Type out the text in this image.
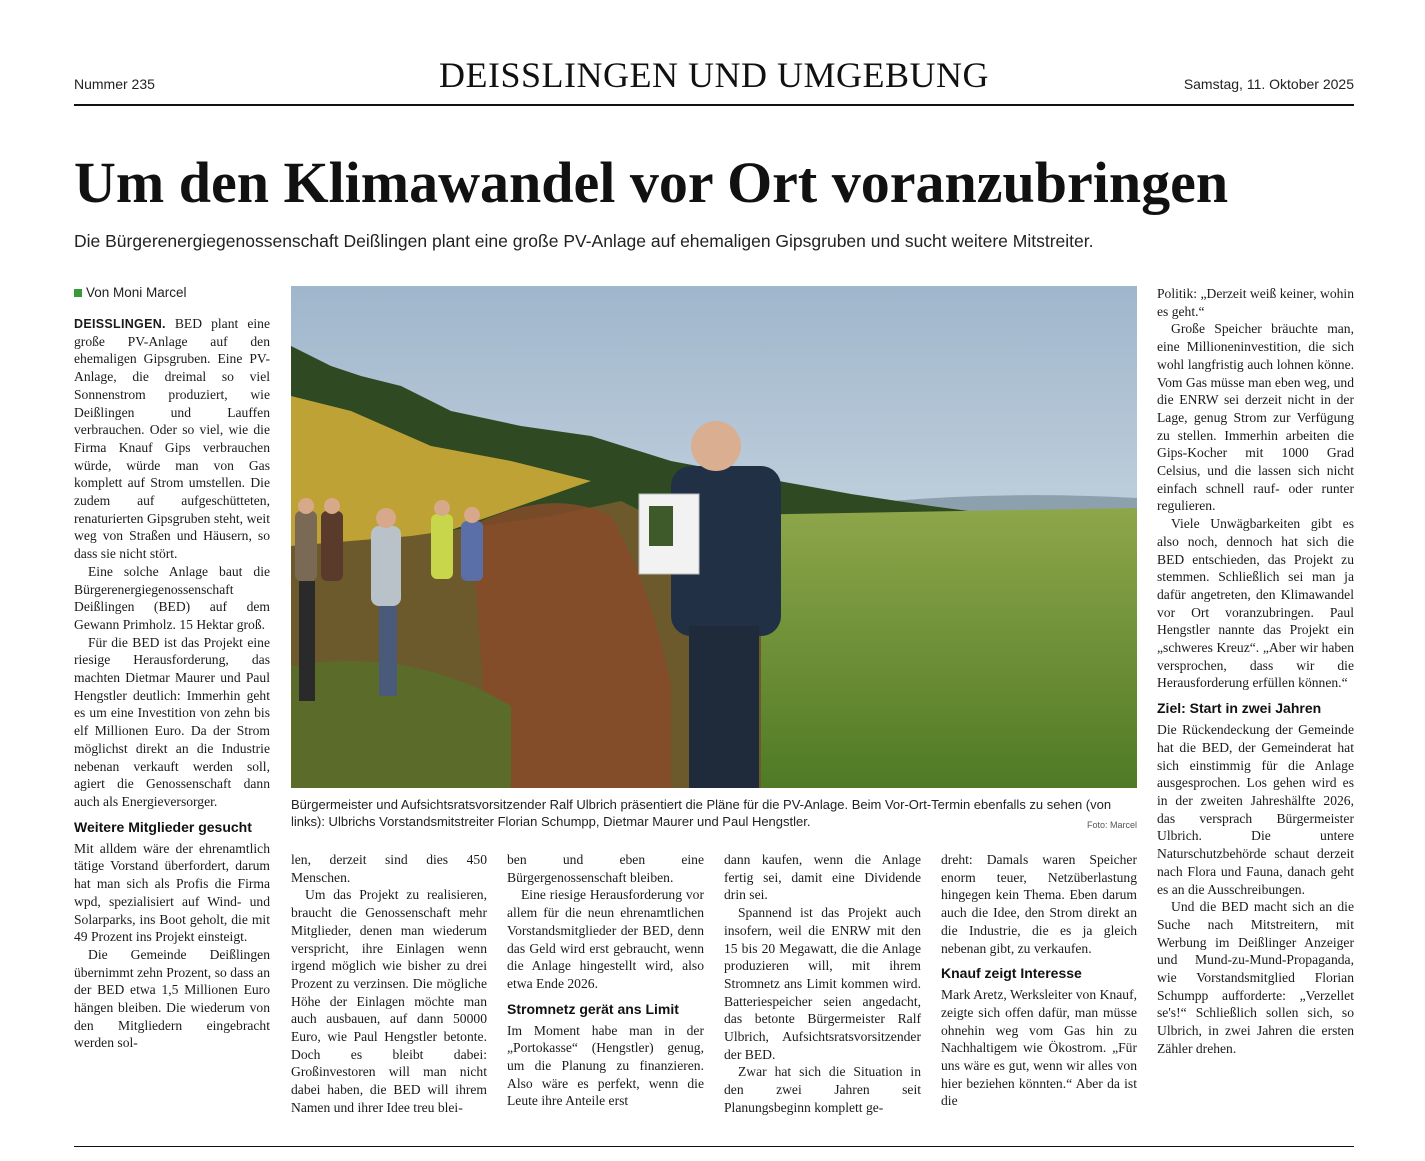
Nummer 235	DEISSLINGEN UND UMGEBUNG	Samstag, 11. Oktober 2025
Um den Klimawandel vor Ort voranzubringen
Die Bürgerenergiegenossenschaft Deißlingen plant eine große PV-Anlage auf ehemaligen Gipsgruben und sucht weitere Mitstreiter.
Von Moni Marcel

DEISSLINGEN. BED plant eine große PV-Anlage auf den ehemaligen Gipsgruben. Eine PV-Anlage, die dreimal so viel Sonnenstrom produziert, wie Deißlingen und Lauffen verbrauchen. Oder so viel, wie die Firma Knauf Gips verbrauchen würde, würde man von Gas komplett auf Strom umstellen. Die zudem auf aufgeschütteten, renaturierten Gipsgruben steht, weit weg von Straßen und Häusern, so dass sie nicht stört.

Eine solche Anlage baut die Bürgerenergiegenossenschaft Deißlingen (BED) auf dem Gewann Primholz. 15 Hektar groß.

Für die BED ist das Projekt eine riesige Herausforderung, das machten Dietmar Maurer und Paul Hengstler deutlich: Immerhin geht es um eine Investition von zehn bis elf Millionen Euro. Da der Strom möglichst direkt an die Industrie nebenan verkauft werden soll, agiert die Genossenschaft dann auch als Energieversorger.

Weitere Mitglieder gesucht

Mit alldem wäre der ehrenamtlich tätige Vorstand überfordert, darum hat man sich als Profis die Firma wpd, spezialisiert auf Wind- und Solarparks, ins Boot geholt, die mit 49 Prozent ins Projekt einsteigt.

Die Gemeinde Deißlingen übernimmt zehn Prozent, so dass an der BED etwa 1,5 Millionen Euro hängen bleiben. Die wiederum von den Mitgliedern eingebracht werden sol-

Bürgermeister und Aufsichtsratsvorsitzender Ralf Ulbrich präsentiert die Pläne für die PV-Anlage. Beim Vor-Ort-Termin ebenfalls zu sehen (von links): Ulbrichs Vorstandsmitstreiter Florian Schumpp, Dietmar Maurer und Paul Hengstler.	Foto: Marcel

len, derzeit sind dies 450 Menschen.

Um das Projekt zu realisieren, braucht die Genossenschaft mehr Mitglieder, denen man wiederum verspricht, ihre Einlagen wenn irgend möglich wie bisher zu drei Prozent zu verzinsen. Die mögliche Höhe der Einlagen möchte man auch ausbauen, auf dann 50000 Euro, wie Paul Hengstler betonte. Doch es bleibt dabei: Großinvestoren will man nicht dabei haben, die BED will ihrem Namen und ihrer Idee treu blei-

ben und eben eine Bürgergenossenschaft bleiben.

Eine riesige Herausforderung vor allem für die neun ehrenamtlichen Vorstandsmitglieder der BED, denn das Geld wird erst gebraucht, wenn die Anlage hingestellt wird, also etwa Ende 2026.

Stromnetz gerät ans Limit

Im Moment habe man in der „Portokasse“ (Hengstler) genug, um die Planung zu finanzieren. Also wäre es perfekt, wenn die Leute ihre Anteile erst

dann kaufen, wenn die Anlage fertig sei, damit eine Dividende drin sei.

Spannend ist das Projekt auch insofern, weil die ENRW mit den 15 bis 20 Megawatt, die die Anlage produzieren will, mit ihrem Stromnetz ans Limit kommen wird. Batteriespeicher seien angedacht, das betonte Bürgermeister Ralf Ulbrich, Aufsichtsratsvorsitzender der BED.

Zwar hat sich die Situation in den zwei Jahren seit Planungsbeginn komplett ge-

dreht: Damals waren Speicher enorm teuer, Netzüberlastung hingegen kein Thema. Eben darum auch die Idee, den Strom direkt an die Industrie, die es ja gleich nebenan gibt, zu verkaufen.

Knauf zeigt Interesse

Mark Aretz, Werksleiter von Knauf, zeigte sich offen dafür, man müsse ohnehin weg vom Gas hin zu Nachhaltigem wie Ökostrom. „Für uns wäre es gut, wenn wir alles von hier beziehen könnten.“ Aber da ist die

Politik: „Derzeit weiß keiner, wohin es geht.“

Große Speicher bräuchte man, eine Millioneninvestition, die sich wohl langfristig auch lohnen könne. Vom Gas müsse man eben weg, und die ENRW sei derzeit nicht in der Lage, genug Strom zur Verfügung zu stellen. Immerhin arbeiten die Gips-Kocher mit 1000 Grad Celsius, und die lassen sich nicht einfach schnell rauf- oder runter regulieren.

Viele Unwägbarkeiten gibt es also noch, dennoch hat sich die BED entschieden, das Projekt zu stemmen. Schließlich sei man ja dafür angetreten, den Klimawandel vor Ort voranzubringen. Paul Hengstler nannte das Projekt ein „schweres Kreuz“. „Aber wir haben versprochen, dass wir die Herausforderung erfüllen können.“

Ziel: Start in zwei Jahren

Die Rückendeckung der Gemeinde hat die BED, der Gemeinderat hat sich einstimmig für die Anlage ausgesprochen. Los gehen wird es in der zweiten Jahreshälfte 2026, das versprach Bürgermeister Ulbrich. Die untere Naturschutzbehörde schaut derzeit nach Flora und Fauna, danach geht es an die Ausschreibungen.

Und die BED macht sich an die Suche nach Mitstreitern, mit Werbung im Deißlinger Anzeiger und Mund-zu-Mund-Propaganda, wie Vorstandsmitglied Florian Schumpp aufforderte: „Verzellet se's!“ Schließlich sollen sich, so Ulbrich, in zwei Jahren die ersten Zähler drehen.
